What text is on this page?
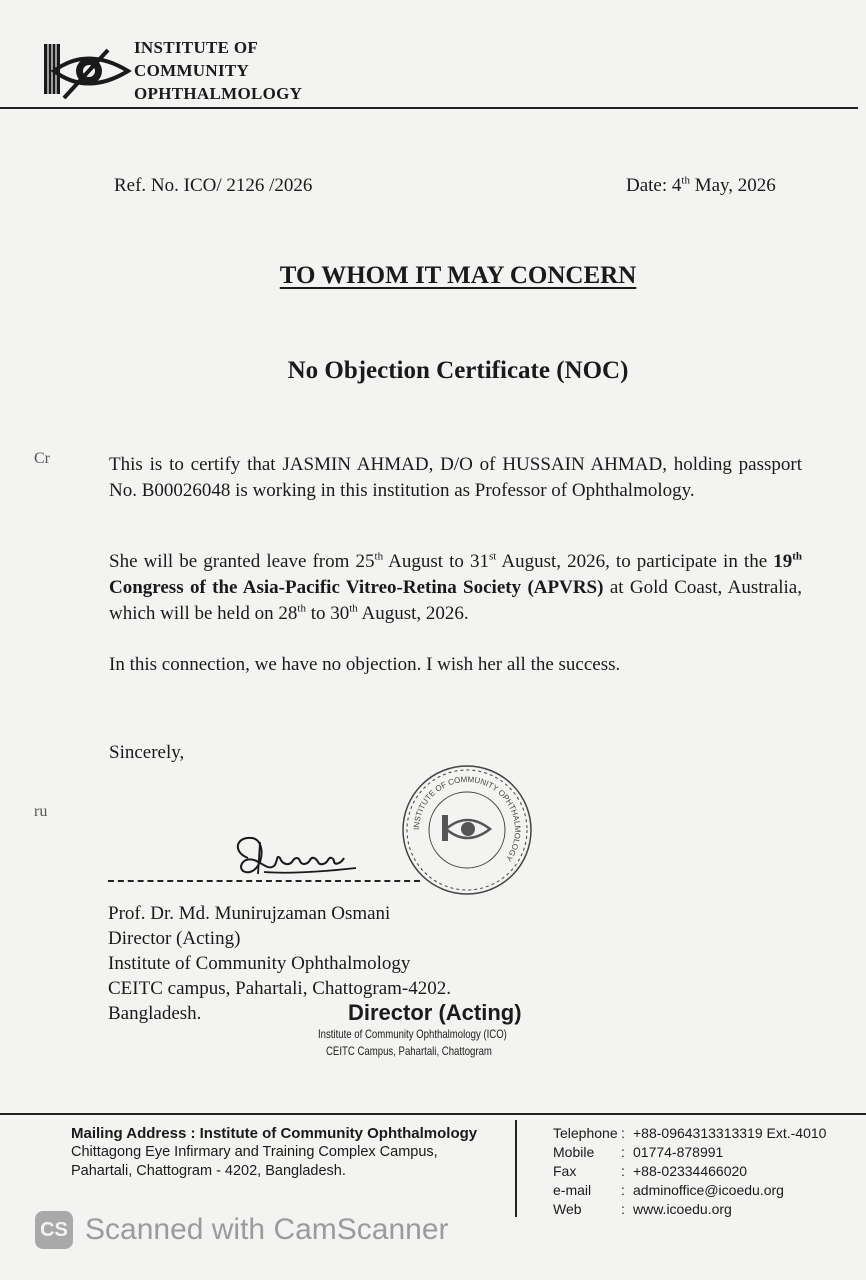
INSTITUTE OF
COMMUNITY
OPHTHALMOLOGY
Ref. No. ICO/ 2126 /2026	Date: 4th May, 2026
TO WHOM IT MAY CONCERN
No Objection Certificate (NOC)
Cr
ru
This is to certify that JASMIN AHMAD, D/O of HUSSAIN AHMAD, holding passport No. B00026048 is working in this institution as Professor of Ophthalmology.
She will be granted leave from 25th August to 31st August, 2026, to participate in the 19th Congress of the Asia-Pacific Vitreo-Retina Society (APVRS) at Gold Coast, Australia, which will be held on 28th to 30th August, 2026.
In this connection, we have no objection. I wish her all the success.
Sincerely,
INSTITUTE OF COMMUNITY OPHTHALMOLOGY
Prof. Dr. Md. Munirujzaman Osmani
Director (Acting)
Institute of Community Ophthalmology
CEITC campus, Pahartali, Chattogram-4202.
Bangladesh.	Director (Acting)
Institute of Community Ophthalmology (ICO)
CEITC Campus, Pahartali, Chattogram
Mailing Address : Institute of Community Ophthalmology
Chittagong Eye Infirmary and Training Complex Campus,
Pahartali, Chattogram - 4202, Bangladesh.
Telephone : +88-0964313313319 Ext.-4010
Mobile	: 01774-878991
Fax	: +88-02334466020
e-mail	: adminoffice@icoedu.org
Web	: www.icoedu.org
CS Scanned with CamScanner
